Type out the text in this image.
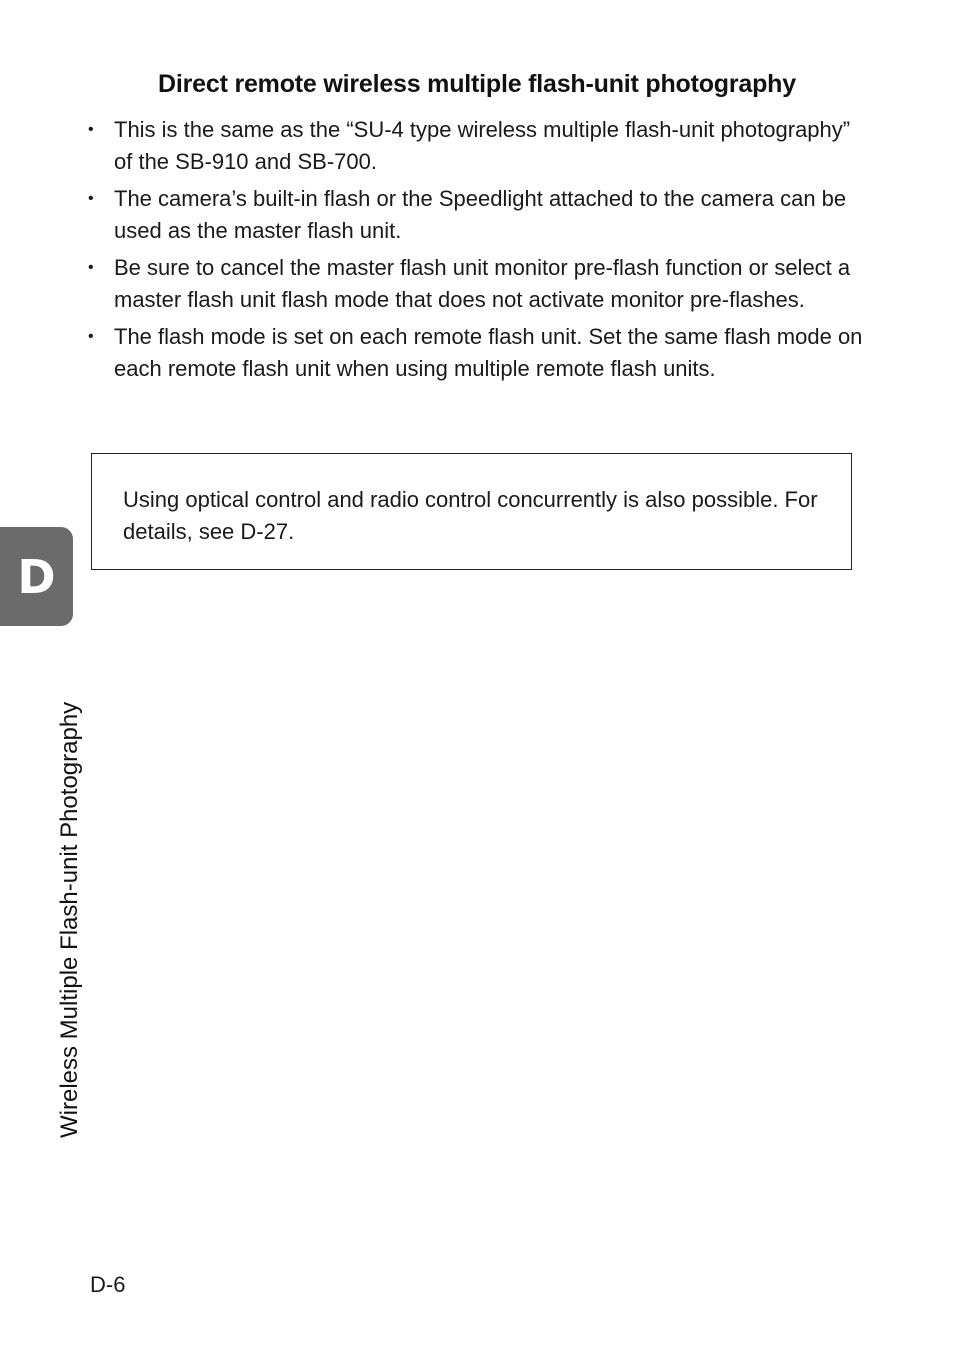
Direct remote wireless multiple flash-unit photography
• This is the same as the “SU-4 type wireless multiple flash-unit photography” of the SB-910 and SB-700.
• The camera’s built-in flash or the Speedlight attached to the camera can be used as the master flash unit.
• Be sure to cancel the master flash unit monitor pre-flash function or select a master flash unit flash mode that does not activate monitor pre-flashes.
• The flash mode is set on each remote flash unit. Set the same flash mode on each remote flash unit when using multiple remote flash units.

Using optical control and radio control concurrently is also possible. For details, see D-27.

D
Wireless Multiple Flash-unit Photography

D-6
